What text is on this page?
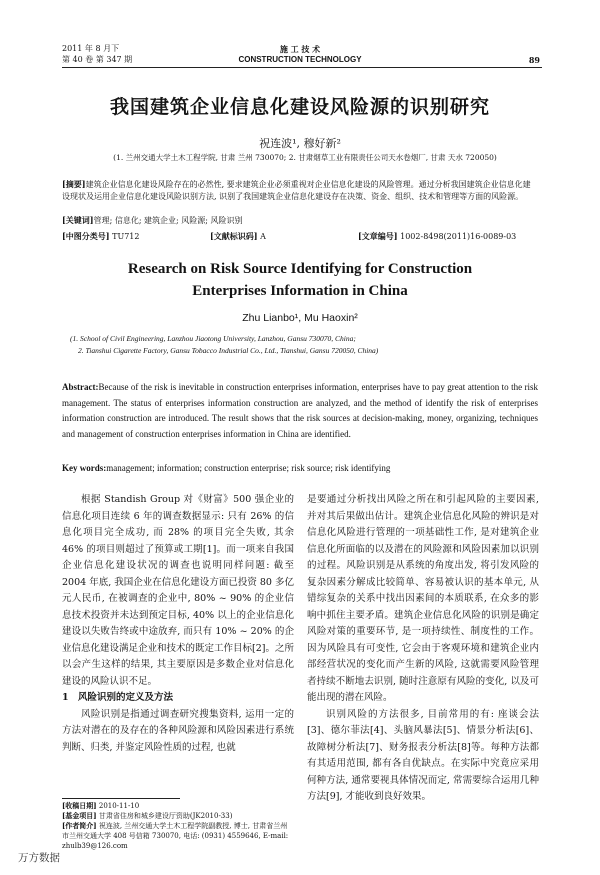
2011 年 8 月下
第 40 卷 第 347 期
施 工 技 术
CONSTRUCTION TECHNOLOGY	89
我国建筑企业信息化建设风险源的识别研究
祝连波¹, 穆好新²
(1. 兰州交通大学土木工程学院, 甘肃 兰州 730070; 2. 甘肃烟草工业有限责任公司天水卷烟厂, 甘肃 天水 720050)
[摘要]建筑企业信息化建设风险存在的必然性, 要求建筑企业必须重视对企业信息化建设的风险管理。通过分析我国建筑企业信息化建设现状及运用企业信息化建设风险识别方法, 识别了我国建筑企业信息化建设存在决策、资金、组织、技术和管理等方面的风险源。
[关键词]管理; 信息化; 建筑企业; 风险源; 风险识别
[中图分类号] TU712	[文献标识码] A	[文章编号] 1002-8498(2011)16-0089-03
Research on Risk Source Identifying for Construction
Enterprises Information in China
Zhu Lianbo¹, Mu Haoxin²
(1. School of Civil Engineering, Lanzhou Jiaotong University, Lanzhou, Gansu 730070, China;
2. Tianshui Cigarette Factory, Gansu Tobacco Industrial Co., Ltd., Tianshui, Gansu 720050, China)
Abstract:Because of the risk is inevitable in construction enterprises information, enterprises have to pay great attention to the risk management. The status of enterprises information construction are analyzed, and the method of identify the risk of enterprises information construction are introduced. The result shows that the risk sources at decision-making, money, organizing, techniques and management of construction enterprises information in China are identified.
Key words:management; information; construction enterprise; risk source; risk identifying

根据 Standish Group 对《财富》500 强企业的信息化项目连续 6 年的调查数据显示: 只有 26% 的信息化项目完全成功, 而 28% 的项目完全失败, 其余 46% 的项目则超过了预算或工期[1]。而一项来自我国企业信息化建设状况的调查也说明同样问题: 截至 2004 年底, 我国企业在信息化建设方面已投资 80 多亿元人民币, 在被调查的企业中, 80% ~ 90% 的企业信息技术投资并未达到预定目标, 40% 以上的企业信息化建设以失败告终或中途放弃, 而只有 10% ~ 20% 的企业信息化建设满足企业和技术的既定工作目标[2]。之所以会产生这样的结果, 其主要原因是多数企业对信息化建设的风险认识不足。

1 风险识别的定义及方法

风险识别是指通过调查研究搜集资料, 运用一定的方法对潜在的及存在的各种风险源和风险因素进行系统判断、归类, 并鉴定风险性质的过程, 也就

是要通过分析找出风险之所在和引起风险的主要因素, 并对其后果做出估计。建筑企业信息化风险的辨识是对信息化风险进行管理的一项基础性工作, 是对建筑企业信息化所面临的以及潜在的风险源和风险因素加以识别的过程。风险识别是从系统的角度出发, 将引发风险的复杂因素分解成比较简单、容易被认识的基本单元, 从错综复杂的关系中找出因素间的本质联系, 在众多的影响中抓住主要矛盾。建筑企业信息化风险的识别是确定风险对策的重要环节, 是一项持续性、制度性的工作。因为风险具有可变性, 它会由于客观环境和建筑企业内部经营状况的变化而产生新的风险, 这就需要风险管理者持续不断地去识别, 随时注意原有风险的变化, 以及可能出现的潜在风险。

识别风险的方法很多, 目前常用的有: 座谈会法[3]、德尔菲法[4]、头脑风暴法[5]、情景分析法[6]、故障树分析法[7]、财务报表分析法[8]等。每种方法都有其适用范围, 都有各自优缺点。在实际中究竟应采用何种方法, 通常要视具体情况而定, 常需要综合运用几种方法[9], 才能收到良好效果。

[收稿日期] 2010-11-10
[基金项目] 甘肃省住房和城乡建设厅资助(JK2010-33)
[作者简介] 祝连波, 兰州交通大学土木工程学院副教授, 博士, 甘肃省兰州市兰州交通大学 408 号信箱 730070, 电话: (0931) 4559646, E-mail: zhulb39@126.com
万方数据
